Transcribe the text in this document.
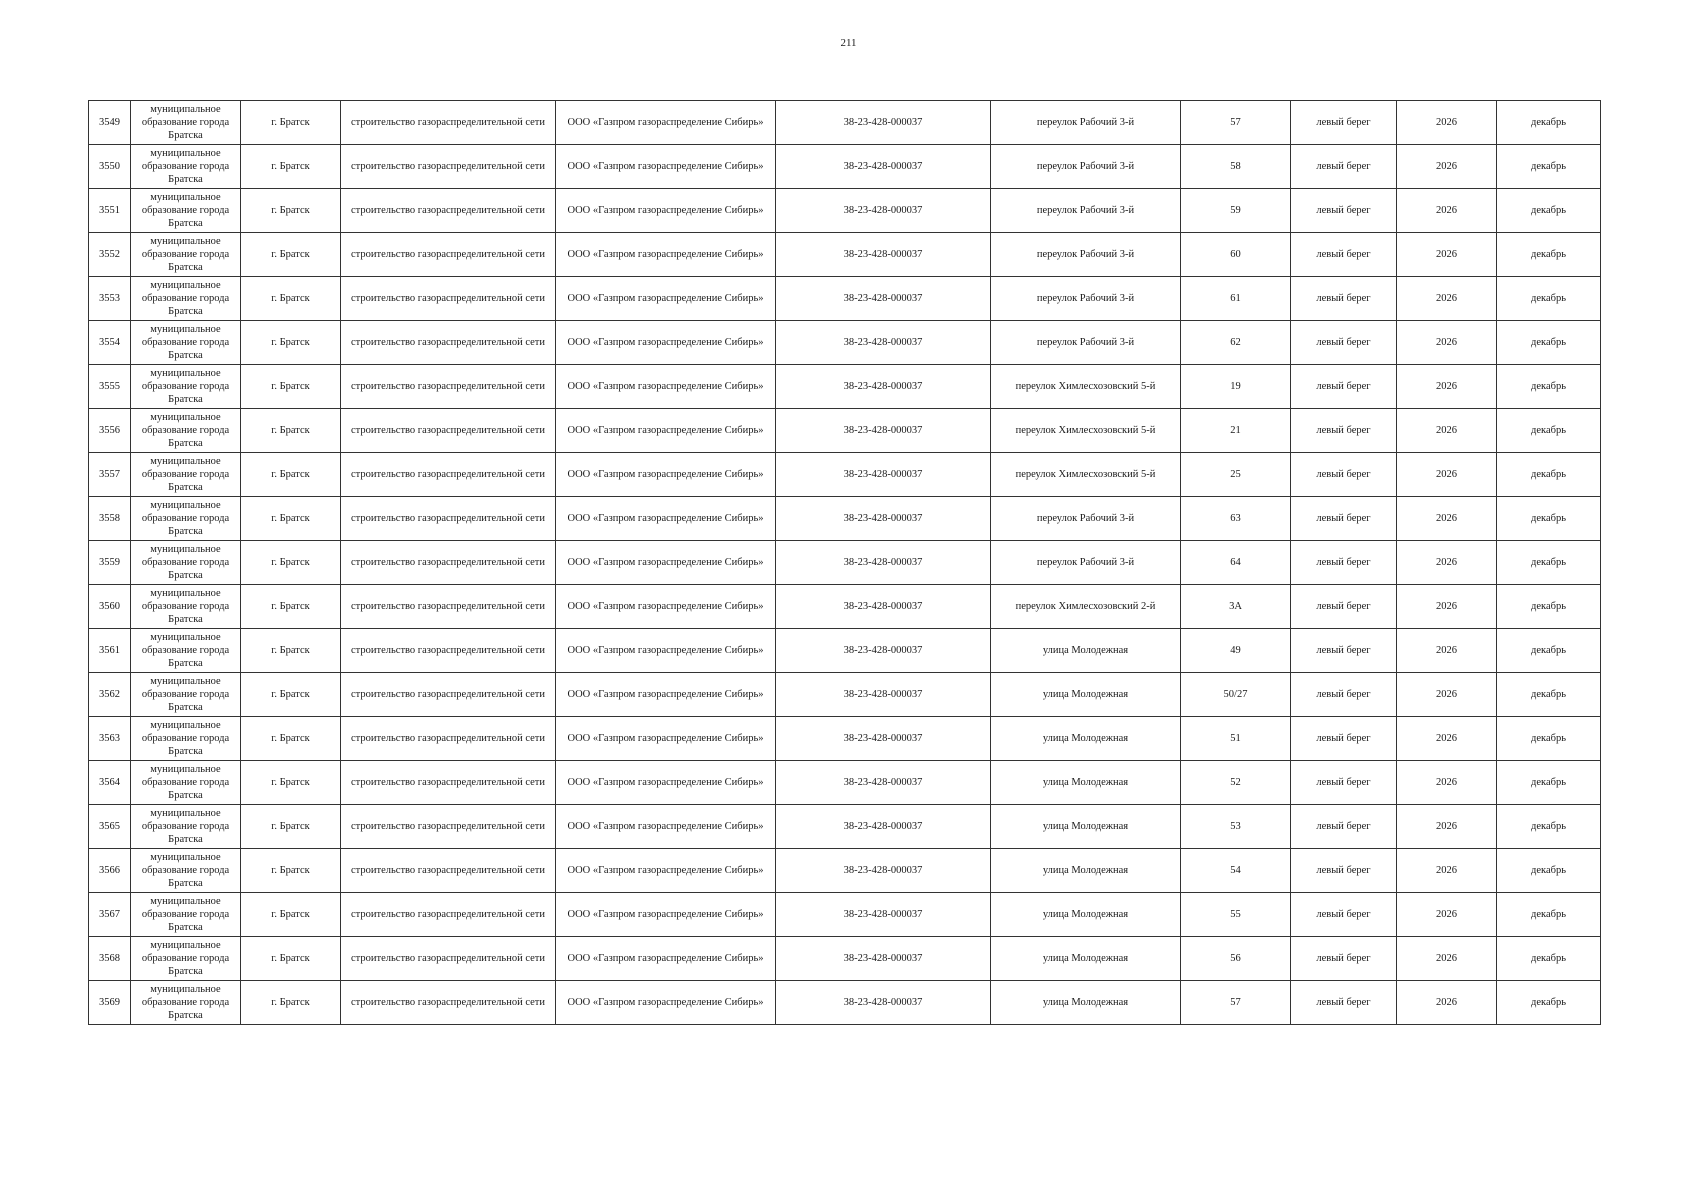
211
3549	муниципальное образование города Братска	г. Братск	строительство газораспределительной сети	ООО «Газпром газораспределение Сибирь»	38-23-428-000037	переулок Рабочий 3-й	57	левый берег	2026	декабрь
3550	муниципальное образование города Братска	г. Братск	строительство газораспределительной сети	ООО «Газпром газораспределение Сибирь»	38-23-428-000037	переулок Рабочий 3-й	58	левый берег	2026	декабрь
3551	муниципальное образование города Братска	г. Братск	строительство газораспределительной сети	ООО «Газпром газораспределение Сибирь»	38-23-428-000037	переулок Рабочий 3-й	59	левый берег	2026	декабрь
3552	муниципальное образование города Братска	г. Братск	строительство газораспределительной сети	ООО «Газпром газораспределение Сибирь»	38-23-428-000037	переулок Рабочий 3-й	60	левый берег	2026	декабрь
3553	муниципальное образование города Братска	г. Братск	строительство газораспределительной сети	ООО «Газпром газораспределение Сибирь»	38-23-428-000037	переулок Рабочий 3-й	61	левый берег	2026	декабрь
3554	муниципальное образование города Братска	г. Братск	строительство газораспределительной сети	ООО «Газпром газораспределение Сибирь»	38-23-428-000037	переулок Рабочий 3-й	62	левый берег	2026	декабрь
3555	муниципальное образование города Братска	г. Братск	строительство газораспределительной сети	ООО «Газпром газораспределение Сибирь»	38-23-428-000037	переулок Химлесхозовский 5-й	19	левый берег	2026	декабрь
3556	муниципальное образование города Братска	г. Братск	строительство газораспределительной сети	ООО «Газпром газораспределение Сибирь»	38-23-428-000037	переулок Химлесхозовский 5-й	21	левый берег	2026	декабрь
3557	муниципальное образование города Братска	г. Братск	строительство газораспределительной сети	ООО «Газпром газораспределение Сибирь»	38-23-428-000037	переулок Химлесхозовский 5-й	25	левый берег	2026	декабрь
3558	муниципальное образование города Братска	г. Братск	строительство газораспределительной сети	ООО «Газпром газораспределение Сибирь»	38-23-428-000037	переулок Рабочий 3-й	63	левый берег	2026	декабрь
3559	муниципальное образование города Братска	г. Братск	строительство газораспределительной сети	ООО «Газпром газораспределение Сибирь»	38-23-428-000037	переулок Рабочий 3-й	64	левый берег	2026	декабрь
3560	муниципальное образование города Братска	г. Братск	строительство газораспределительной сети	ООО «Газпром газораспределение Сибирь»	38-23-428-000037	переулок Химлесхозовский 2-й	3А	левый берег	2026	декабрь
3561	муниципальное образование города Братска	г. Братск	строительство газораспределительной сети	ООО «Газпром газораспределение Сибирь»	38-23-428-000037	улица Молодежная	49	левый берег	2026	декабрь
3562	муниципальное образование города Братска	г. Братск	строительство газораспределительной сети	ООО «Газпром газораспределение Сибирь»	38-23-428-000037	улица Молодежная	50/27	левый берег	2026	декабрь
3563	муниципальное образование города Братска	г. Братск	строительство газораспределительной сети	ООО «Газпром газораспределение Сибирь»	38-23-428-000037	улица Молодежная	51	левый берег	2026	декабрь
3564	муниципальное образование города Братска	г. Братск	строительство газораспределительной сети	ООО «Газпром газораспределение Сибирь»	38-23-428-000037	улица Молодежная	52	левый берег	2026	декабрь
3565	муниципальное образование города Братска	г. Братск	строительство газораспределительной сети	ООО «Газпром газораспределение Сибирь»	38-23-428-000037	улица Молодежная	53	левый берег	2026	декабрь
3566	муниципальное образование города Братска	г. Братск	строительство газораспределительной сети	ООО «Газпром газораспределение Сибирь»	38-23-428-000037	улица Молодежная	54	левый берег	2026	декабрь
3567	муниципальное образование города Братска	г. Братск	строительство газораспределительной сети	ООО «Газпром газораспределение Сибирь»	38-23-428-000037	улица Молодежная	55	левый берег	2026	декабрь
3568	муниципальное образование города Братска	г. Братск	строительство газораспределительной сети	ООО «Газпром газораспределение Сибирь»	38-23-428-000037	улица Молодежная	56	левый берег	2026	декабрь
3569	муниципальное образование города Братска	г. Братск	строительство газораспределительной сети	ООО «Газпром газораспределение Сибирь»	38-23-428-000037	улица Молодежная	57	левый берег	2026	декабрь
